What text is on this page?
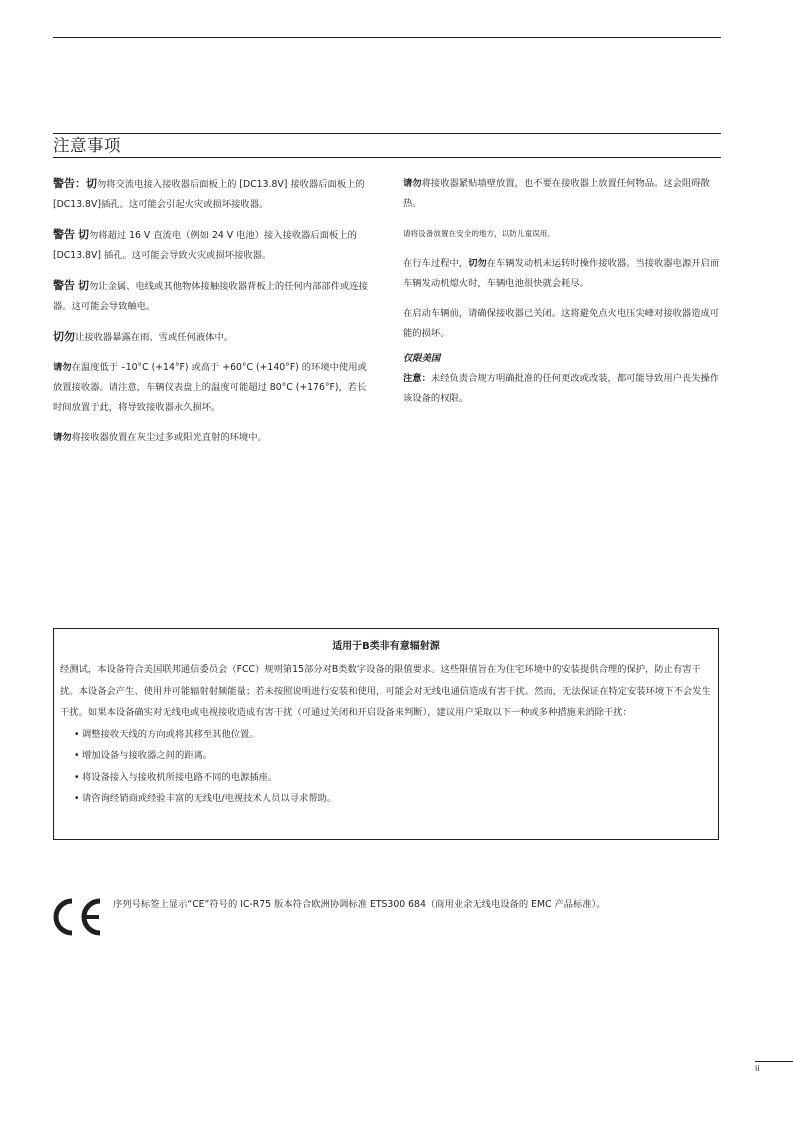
注意事项

警告：切勿将交流电接入接收器后面板上的 [DC13.8V] 接收器后面板上的[DC13.8V]插孔。这可能会引起火灾或损坏接收器。

警告 切勿将超过 16 V 直流电（例如 24 V 电池）接入接收器后面板上的 [DC13.8V] 插孔。这可能会导致火灾或损坏接收器。

警告 切勿让金属、电线或其他物体接触接收器背板上的任何内部部件或连接器。这可能会导致触电。

切勿让接收器暴露在雨、雪或任何液体中。

请勿在温度低于 –10°C (+14°F) 或高于 +60°C (+140°F) 的环境中使用或放置接收器。请注意，车辆仪表盘上的温度可能超过 80°C (+176°F)，若长时间放置于此，将导致接收器永久损坏。

请勿将接收器放置在灰尘过多或阳光直射的环境中。

请勿将接收器紧贴墙壁放置，也不要在接收器上放置任何物品。这会阻碍散热。

请将设备放置在安全的地方，以防儿童误用。

在行车过程中，切勿在车辆发动机未运转时操作接收器。当接收器电源开启而车辆发动机熄火时，车辆电池很快就会耗尽。

在启动车辆前，请确保接收器已关闭。这将避免点火电压尖峰对接收器造成可能的损坏。

仅限美国

注意：未经负责合规方明确批准的任何更改或改装，都可能导致用户丧失操作该设备的权限。

适用于B类非有意辐射源

经测试，本设备符合美国联邦通信委员会（FCC）规则第15部分对B类数字设备的限值要求。这些限值旨在为住宅环境中的安装提供合理的保护，防止有害干扰。本设备会产生、使用并可能辐射射频能量；若未按照说明进行安装和使用，可能会对无线电通信造成有害干扰。然而，无法保证在特定安装环境下不会发生干扰。如果本设备确实对无线电或电视接收造成有害干扰（可通过关闭和开启设备来判断），建议用户采取以下一种或多种措施来消除干扰：

• 调整接收天线的方向或将其移至其他位置。
• 增加设备与接收器之间的距离。
• 将设备接入与接收机所接电路不同的电源插座。
• 请咨询经销商或经验丰富的无线电/电视技术人员以寻求帮助。
序列号标签上显示“CE”符号的 IC-R75 版本符合欧洲协调标准 ETS300 684（商用业余无线电设备的 EMC 产品标准）。
ii
